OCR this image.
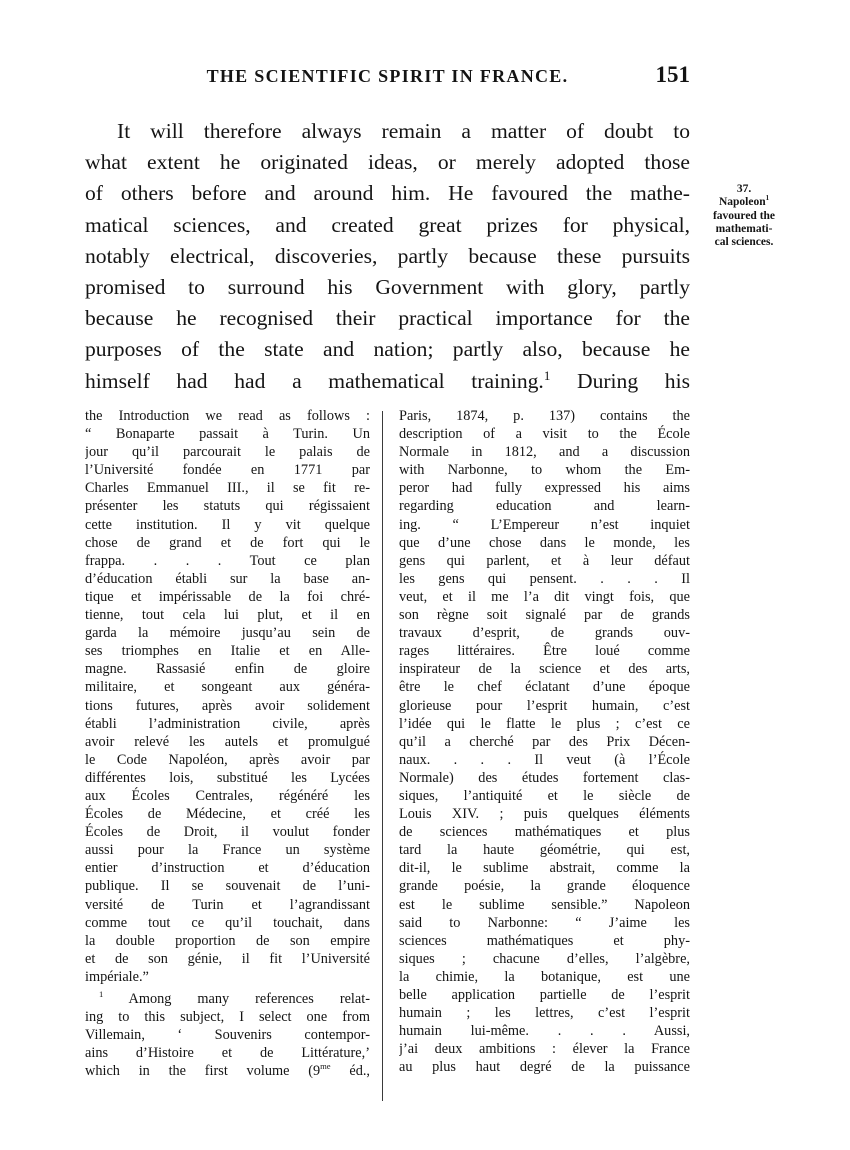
THE SCIENTIFIC SPIRIT IN FRANCE.	151
It will therefore always remain a matter of doubt to
what extent he originated ideas, or merely adopted those
of others before and around him. He favoured the mathe-
matical sciences, and created great prizes for physical,
notably electrical, discoveries, partly because these pursuits
promised to surround his Government with glory, partly
because he recognised their practical importance for the
purposes of the state and nation; partly also, because he
himself had had a mathematical training.$^1$ During his
37.
Napoleon$^1$
favoured the
mathemati-
cal sciences.
the Introduction we read as follows :
“ Bonaparte passait à Turin. Un
jour qu’il parcourait le palais de
l’Université fondée en 1771 par
Charles Emmanuel III., il se fit re-
présenter les statuts qui régissaient
cette institution. Il y vit quelque
chose de grand et de fort qui le
frappa. . . . Tout ce plan
d’éducation établi sur la base an-
tique et impérissable de la foi chré-
tienne, tout cela lui plut, et il en
garda la mémoire jusqu’au sein de
ses triomphes en Italie et en Alle-
magne. Rassasié enfin de gloire
militaire, et songeant aux généra-
tions futures, après avoir solidement
établi l’administration civile, après
avoir relevé les autels et promulgué
le Code Napoléon, après avoir par
différentes lois, substitué les Lycées
aux Écoles Centrales, régénéré les
Écoles de Médecine, et créé les
Écoles de Droit, il voulut fonder
aussi pour la France un système
entier d’instruction et d’éducation
publique. Il se souvenait de l’uni-
versité de Turin et l’agrandissant
comme tout ce qu’il touchait, dans
la double proportion de son empire
et de son génie, il fit l’Université
impériale.”
$^1$ Among many references relat-
ing to this subject, I select one from
Villemain, ‘ Souvenirs contempor-
ains d’Histoire et de Littérature,’
which in the first volume ($9^{me}$ éd.,
Paris, 1874, p. 137) contains the
description of a visit to the École
Normale in 1812, and a discussion
with Narbonne, to whom the Em-
peror had fully expressed his aims
regarding education and learn-
ing. “ L’Empereur n’est inquiet
que d’une chose dans le monde, les
gens qui parlent, et à leur défaut
les gens qui pensent. . . . Il
veut, et il me l’a dit vingt fois, que
son règne soit signalé par de grands
travaux d’esprit, de grands ouv-
rages littéraires. Être loué comme
inspirateur de la science et des arts,
être le chef éclatant d’une époque
glorieuse pour l’esprit humain, c’est
l’idée qui le flatte le plus ; c’est ce
qu’il a cherché par des Prix Décen-
naux. . . . Il veut (à l’École
Normale) des études fortement clas-
siques, l’antiquité et le siècle de
Louis XIV. ; puis quelques éléments
de sciences mathématiques et plus
tard la haute géométrie, qui est,
dit-il, le sublime abstrait, comme la
grande poésie, la grande éloquence
est le sublime sensible.” Napoleon
said to Narbonne: “ J’aime les
sciences mathématiques et phy-
siques ; chacune d’elles, l’algèbre,
la chimie, la botanique, est une
belle application partielle de l’esprit
humain ; les lettres, c’est l’esprit
humain lui-même. . . . Aussi,
j’ai deux ambitions : élever la France
au plus haut degré de la puissance
